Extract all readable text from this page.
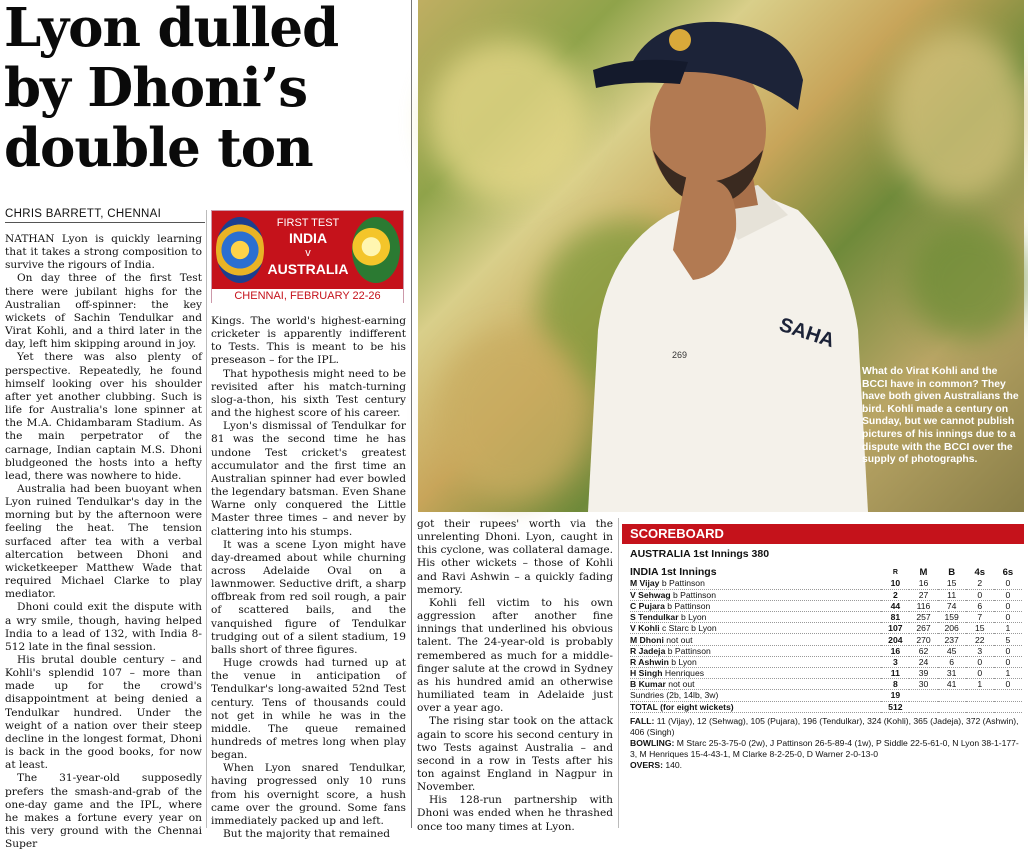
Lyon dulled
by Dhoni’s
double ton
CHRIS BARRETT, CHENNAI

NATHAN Lyon is quickly learning that it takes a strong composition to survive the rigours of India.

On day three of the first Test there were jubilant highs for the Australian off-spinner: the key wickets of Sachin Tendulkar and Virat Kohli, and a third later in the day, left him skipping around in joy.

Yet there was also plenty of perspective. Repeatedly, he found himself looking over his shoulder after yet another clubbing. Such is life for Australia's lone spinner at the M.A. Chidambaram Stadium. As the main perpetrator of the carnage, Indian captain M.S. Dhoni bludgeoned the hosts into a hefty lead, there was nowhere to hide.

Australia had been buoyant when Lyon ruined Tendulkar's day in the morning but by the afternoon were feeling the heat. The tension surfaced after tea with a verbal altercation between Dhoni and wicketkeeper Matthew Wade that required Michael Clarke to play mediator.

Dhoni could exit the dispute with a wry smile, though, having helped India to a lead of 132, with India 8-512 late in the final session.

His brutal double century – and Kohli's splendid 107 – more than made up for the crowd's disappointment at being denied a Tendulkar hundred. Under the weight of a nation over their steep decline in the longest format, Dhoni is back in the good books, for now at least.

The 31-year-old supposedly prefers the smash-and-grab of the one-day game and the IPL, where he makes a fortune every year on this very ground with the Chennai Super

FIRST TEST
INDIA
v
AUSTRALIA
CHENNAI, FEBRUARY 22-26

Kings. The world's highest-earning cricketer is apparently indifferent to Tests. This is meant to be his preseason – for the IPL.

That hypothesis might need to be revisited after his match-turning slog-a-thon, his sixth Test century and the highest score of his career.

Lyon's dismissal of Tendulkar for 81 was the second time he has undone Test cricket's greatest accumulator and the first time an Australian spinner had ever bowled the legendary batsman. Even Shane Warne only conquered the Little Master three times – and never by clattering into his stumps.

It was a scene Lyon might have day-dreamed about while churning across Adelaide Oval on a lawnmower. Seductive drift, a sharp offbreak from red soil rough, a pair of scattered bails, and the vanquished figure of Tendulkar trudging out of a silent stadium, 19 balls short of three figures.

Huge crowds had turned up at the venue in anticipation of Tendulkar's long-awaited 52nd Test century. Tens of thousands could not get in while he was in the middle. The queue remained hundreds of metres long when play began.

When Lyon snared Tendulkar, having progressed only 10 runs from his overnight score, a hush came over the ground. Some fans immediately packed up and left.

But the majority that remained

SAHA
269
What do Virat Kohli and the BCCI have in common? They have both given Australians the bird. Kohli made a century on Sunday, but we cannot publish pictures of his innings due to a dispute with the BCCI over the supply of photographs.

got their rupees' worth via the unrelenting Dhoni. Lyon, caught in this cyclone, was collateral damage. His other wickets – those of Kohli and Ravi Ashwin – a quickly fading memory.

Kohli fell victim to his own aggression after another fine innings that underlined his obvious talent. The 24-year-old is probably remembered as much for a middle-finger salute at the crowd in Sydney as his hundred amid an otherwise humiliated team in Adelaide just over a year ago.

The rising star took on the attack again to score his second century in two Tests against Australia – and second in a row in Tests after his ton against England in Nagpur in November.

His 128-run partnership with Dhoni was ended when he thrashed once too many times at Lyon.

SCOREBOARD
AUSTRALIA 1st Innings 380
INDIA 1st Innings	R	M	B	4s	6s
M Vijay b Pattinson	10	16	15	2	0
V Sehwag b Pattinson	2	27	11	0	0
C Pujara b Pattinson	44	116	74	6	0
S Tendulkar b Lyon	81	257	159	7	0
V Kohli c Starc b Lyon	107	267	206	15	1
M Dhoni not out	204	270	237	22	5
R Jadeja b Pattinson	16	62	45	3	0
R Ashwin b Lyon	3	24	6	0	0
H Singh Henriques	11	39	31	0	1
B Kumar not out	8	30	41	1	0
Sundries (2b, 14lb, 3w)	19				
TOTAL (for eight wickets)	512				
FALL: 11 (Vijay), 12 (Sehwag), 105 (Pujara), 196 (Tendulkar), 324 (Kohli), 365 (Jadeja), 372 (Ashwin), 406 (Singh)
BOWLING: M Starc 25-3-75-0 (2w), J Pattinson 26-5-89-4 (1w), P Siddle 22-5-61-0, N Lyon 38-1-177-3, M Henriques 15-4-43-1, M Clarke 8-2-25-0, D Warner 2-0-13-0
OVERS: 140.
